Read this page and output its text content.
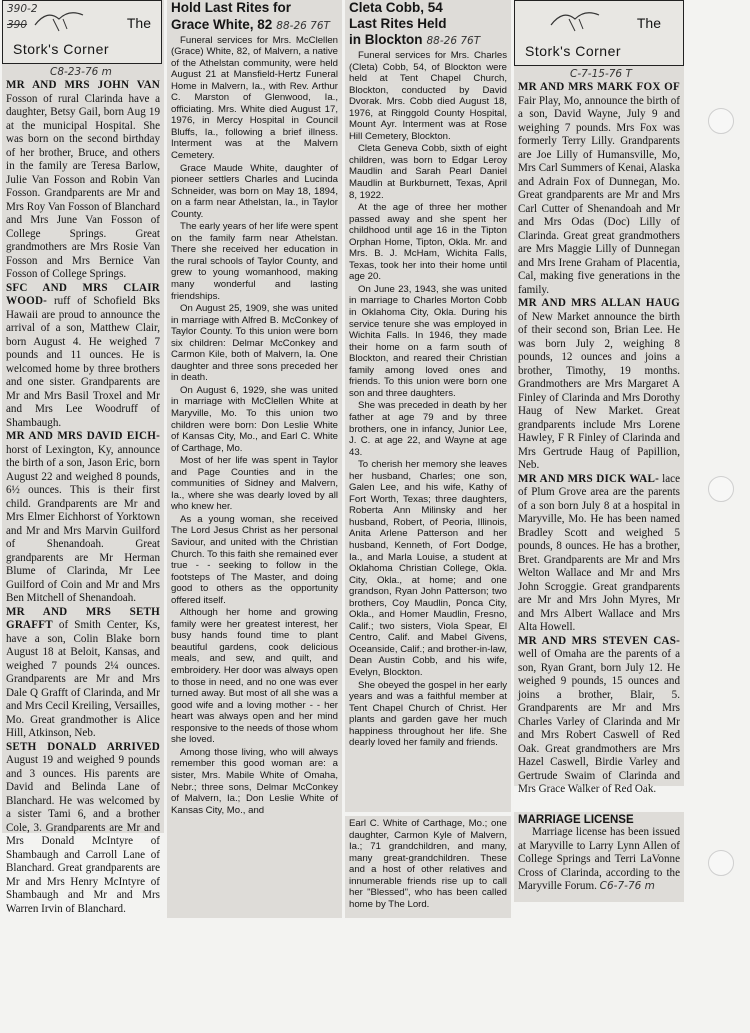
390-2
390	The
Stork's Corner
C8-23-76 m

MR AND MRS JOHN VAN Fosson of rural Clarinda have a daughter, Betsy Gail, born Aug 19 at the municipal Hospital. She was born on the second birthday of her brother, Bruce, and others in the family are Teresa Barlow, Julie Van Fosson and Robin Van Fosson. Grandparents are Mr and Mrs Roy Van Fosson of Blanchard and Mrs June Van Fosson of College Springs. Great grandmothers are Mrs Rosie Van Fosson and Mrs Bernice Van Fosson of College Springs.

SFC AND MRS CLAIR WOOD- ruff of Schofield Bks Hawaii are proud to announce the arrival of a son, Matthew Clair, born August 4. He weighed 7 pounds and 11 ounces. He is welcomed home by three brothers and one sister. Grandparents are Mr and Mrs Basil Troxel and Mr and Mrs Lee Woodruff of Shambaugh.

MR AND MRS DAVID EICH- horst of Lexington, Ky, announce the birth of a son, Jason Eric, born August 22 and weighed 8 pounds, 6½ ounces. This is their first child. Grandparents are Mr and Mrs Elmer Eichhorst of Yorktown and Mr and Mrs Marvin Guilford of Shenandoah. Great grandparents are Mr Herman Blume of Clarinda, Mr Lee Guilford of Coin and Mr and Mrs Ben Mitchell of Shenandoah.

MR AND MRS SETH GRAFFT of Smith Center, Ks, have a son, Colin Blake born August 18 at Beloit, Kansas, and weighed 7 pounds 2¼ ounces. Grandparents are Mr and Mrs Dale Q Grafft of Clarinda, and Mr and Mrs Cecil Kreiling, Versailles, Mo. Great grandmother is Alice Hill, Atkinson, Neb.

SETH DONALD ARRIVED August 19 and weighed 9 pounds and 3 ounces. His parents are David and Belinda Lane of Blanchard. He was welcomed by a sister Tami 6, and a brother Cole, 3. Grandparents are Mr and Mrs Donald McIntyre of Shambaugh and Carroll Lane of Blanchard. Great grandparents are Mr and Mrs Henry McIntyre of Shambaugh and Mr and Mrs Warren Irvin of Blanchard.

Hold Last Rites for
Grace White, 82 88-26 76T

Funeral services for Mrs. McClellen (Grace) White, 82, of Malvern, a native of the Athelstan community, were held August 21 at Mansfield-Hertz Funeral Home in Malvern, Ia., with Rev. Arthur C. Marston of Glenwood, Ia., officiating. Mrs. White died August 17, 1976, in Mercy Hospital in Council Bluffs, Ia., following a brief illness. Interment was at the Malvern Cemetery.

Grace Maude White, daughter of pioneer settlers Charles and Lucinda Schneider, was born on May 18, 1894, on a farm near Athelstan, Ia., in Taylor County.

The early years of her life were spent on the family farm near Athelstan. There she received her education in the rural schools of Taylor County, and grew to young womanhood, making many wonderful and lasting friendships.

On August 25, 1909, she was united in marriage with Alfred B. McConkey of Taylor County. To this union were born six children: Delmar McConkey and Carmon Kile, both of Malvern, Ia. One daughter and three sons preceded her in death.

On August 6, 1929, she was united in marriage with McClellen White at Maryville, Mo. To this union two children were born: Don Leslie White of Kansas City, Mo., and Earl C. White of Carthage, Mo.

Most of her life was spent in Taylor and Page Counties and in the communities of Sidney and Malvern, Ia., where she was dearly loved by all who knew her.

As a young woman, she received The Lord Jesus Christ as her personal Saviour, and united with the Christian Church. To this faith she remained ever true - - seeking to follow in the footsteps of The Master, and doing good to others as the opportunity offered itself.

Although her home and growing family were her greatest interest, her busy hands found time to plant beautiful gardens, cook delicious meals, and sew, and quilt, and embroidery. Her door was always open to those in need, and no one was ever turned away. But most of all she was a good wife and a loving mother - - her heart was always open and her mind responsive to the needs of those whom she loved.

Among those living, who will always remember this good woman are: a sister, Mrs. Mabile White of Omaha, Nebr.; three sons, Delmar McConkey of Malvern, Ia.; Don Leslie White of Kansas City, Mo., and

Cleta Cobb, 54
Last Rites Held
in Blockton 88-26 76T

Funeral services for Mrs. Charles (Cleta) Cobb, 54, of Blockton were held at Tent Chapel Church, Blockton, conducted by David Dvorak. Mrs. Cobb died August 18, 1976, at Ringgold County Hospital, Mount Ayr. Interment was at Rose Hill Cemetery, Blockton.

Cleta Geneva Cobb, sixth of eight children, was born to Edgar Leroy Maudlin and Sarah Pearl Daniel Maudlin at Burkburnett, Texas, April 8, 1922.

At the age of three her mother passed away and she spent her childhood until age 16 in the Tipton Orphan Home, Tipton, Okla. Mr. and Mrs. B. J. McHam, Wichita Falls, Texas, took her into their home until age 20.

On June 23, 1943, she was united in marriage to Charles Morton Cobb in Oklahoma City, Okla. During his service tenure she was employed in Wichita Falls. In 1946, they made their home on a farm south of Blockton, and reared their Christian family among loved ones and friends. To this union were born one son and three daughters.

She was preceded in death by her father at age 79 and by three brothers, one in infancy, Junior Lee, J. C. at age 22, and Wayne at age 43.

To cherish her memory she leaves her husband, Charles; one son, Galen Lee, and his wife, Kathy of Fort Worth, Texas; three daughters, Roberta Ann Milinsky and her husband, Robert, of Peoria, Illinois, Anita Arlene Patterson and her husband, Kenneth, of Fort Dodge, Ia., and Marla Louise, a student at Oklahoma Christian College, Okla. City, Okla., at home; and one grandson, Ryan John Patterson; two brothers, Coy Maudlin, Ponca City, Okla., and Homer Maudlin, Fresno, Calif.; two sisters, Viola Spear, El Centro, Calif. and Mabel Givens, Oceanside, Calif.; and brother-in-law, Dean Austin Cobb, and his wife, Evelyn, Blockton.

She obeyed the gospel in her early years and was a faithful member at Tent Chapel Church of Christ. Her plants and garden gave her much happiness throughout her life. She dearly loved her family and friends.

Earl C. White of Carthage, Mo.; one daughter, Carmon Kyle of Malvern, Ia.; 71 grandchildren, and many, many great-grandchildren. These and a host of other relatives and innumerable friends rise up to call her "Blessed", who has been called home by The Lord.

The
Stork's Corner
C-7-15-76 T

MR AND MRS MARK FOX OF Fair Play, Mo, announce the birth of a son, David Wayne, July 9 and weighing 7 pounds. Mrs Fox was formerly Terry Lilly. Grandparents are Joe Lilly of Humansville, Mo, Mrs Carl Summers of Kenai, Alaska and Adrain Fox of Dunnegan, Mo. Great grandparents are Mr and Mrs Carl Cutter of Shenandoah and Mr and Mrs Odas (Doc) Lilly of Clarinda. Great great grandmothers are Mrs Maggie Lilly of Dunnegan and Mrs Irene Graham of Placentia, Cal, making five generations in the family.

MR AND MRS ALLAN HAUG of New Market announce the birth of their second son, Brian Lee. He was born July 2, weighing 8 pounds, 12 ounces and joins a brother, Timothy, 19 months. Grandmothers are Mrs Margaret A Finley of Clarinda and Mrs Dorothy Haug of New Market. Great grandparents include Mrs Lorene Hawley, F R Finley of Clarinda and Mrs Gertrude Haug of Papillion, Neb.

MR AND MRS DICK WAL- lace of Plum Grove area are the parents of a son born July 8 at a hospital in Maryville, Mo. He has been named Bradley Scott and weighed 5 pounds, 8 ounces. He has a brother, Bret. Grandparents are Mr and Mrs Welton Wallace and Mr and Mrs John Scroggie. Great grandparents are Mr and Mrs John Myres, Mr and Mrs Albert Wallace and Mrs Alta Howell.

MR AND MRS STEVEN CAS- well of Omaha are the parents of a son, Ryan Grant, born July 12. He weighed 9 pounds, 15 ounces and joins a brother, Blair, 5. Grandparents are Mr and Mrs Charles Varley of Clarinda and Mr and Mrs Robert Caswell of Red Oak. Great grandmothers are Mrs Hazel Caswell, Birdie Varley and Gertrude Swaim of Clarinda and Mrs Grace Walker of Red Oak.

MARRIAGE LICENSE
Marriage license has been issued at Maryville to Larry Lynn Allen of College Springs and Terri LaVonne Cross of Clarinda, according to the Maryville Forum. C6-7-76 m
